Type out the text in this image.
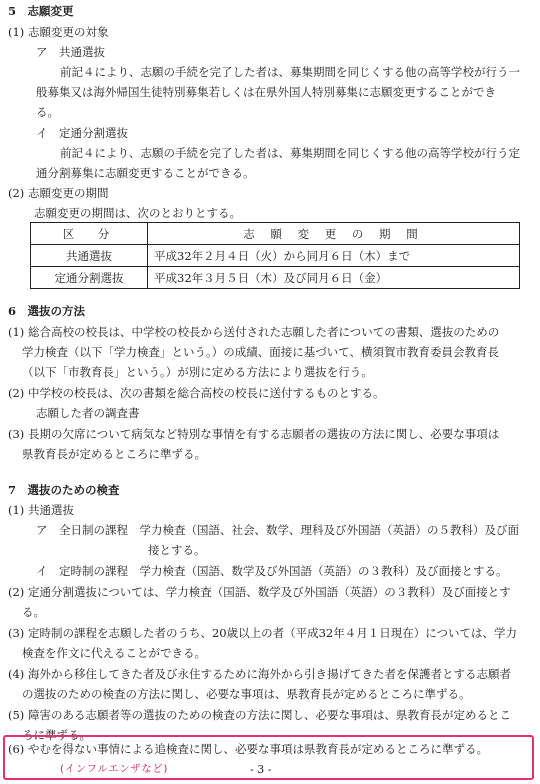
5　志願変更
(1) 志願変更の対象
ア　共通選抜
前記４により、志願の手続を完了した者は、募集期間を同じくする他の高等学校が行う一
般募集又は海外帰国生徒特別募集若しくは在県外国人特別募集に志願変更することができ
る。
イ　定通分割選抜
前記４により、志願の手続を完了した者は、募集期間を同じくする他の高等学校が行う定
通分割募集に志願変更することができる。
(2) 志願変更の期間
志願変更の期間は、次のとおりとする。
区　分	志 願 変 更 の 期 間
共通選抜	平成32年２月４日（火）から同月６日（木）まで
定通分割選抜	平成32年３月５日（木）及び同月６日（金）
6　選抜の方法
(1) 総合高校の校長は、中学校の校長から送付された志願した者についての書類、選抜のための
学力検査（以下「学力検査」という。）の成績、面接に基づいて、横須賀市教育委員会教育長
（以下「市教育長」という。）が別に定める方法により選抜を行う。
(2) 中学校の校長は、次の書類を総合高校の校長に送付するものとする。
志願した者の調査書
(3) 長期の欠席について病気など特別な事情を有する志願者の選抜の方法に関し、必要な事項は
県教育長が定めるところに準ずる。
7　選抜のための検査
(1) 共通選抜
ア　全日制の課程　学力検査（国語、社会、数学、理科及び外国語（英語）の５教科）及び面
接とする。
イ　定時制の課程　学力検査（国語、数学及び外国語（英語）の３教科）及び面接とする。
(2) 定通分割選抜については、学力検査（国語、数学及び外国語（英語）の３教科）及び面接とす
る。
(3) 定時制の課程を志願した者のうち、20歳以上の者（平成32年４月１日現在）については、学力
検査を作文に代えることができる。
(4) 海外から移住してきた者及び永住するために海外から引き揚げてきた者を保護者とする志願者
の選抜のための検査の方法に関し、必要な事項は、県教育長が定めるところに準ずる。
(5) 障害のある志願者等の選抜のための検査の方法に関し、必要な事項は、県教育長が定めるとこ
ろに準ずる。
(6) やむを得ない事情による追検査に関し、必要な事項は県教育長が定めるところに準ずる。
(インフルエンザなど)	- 3 -
